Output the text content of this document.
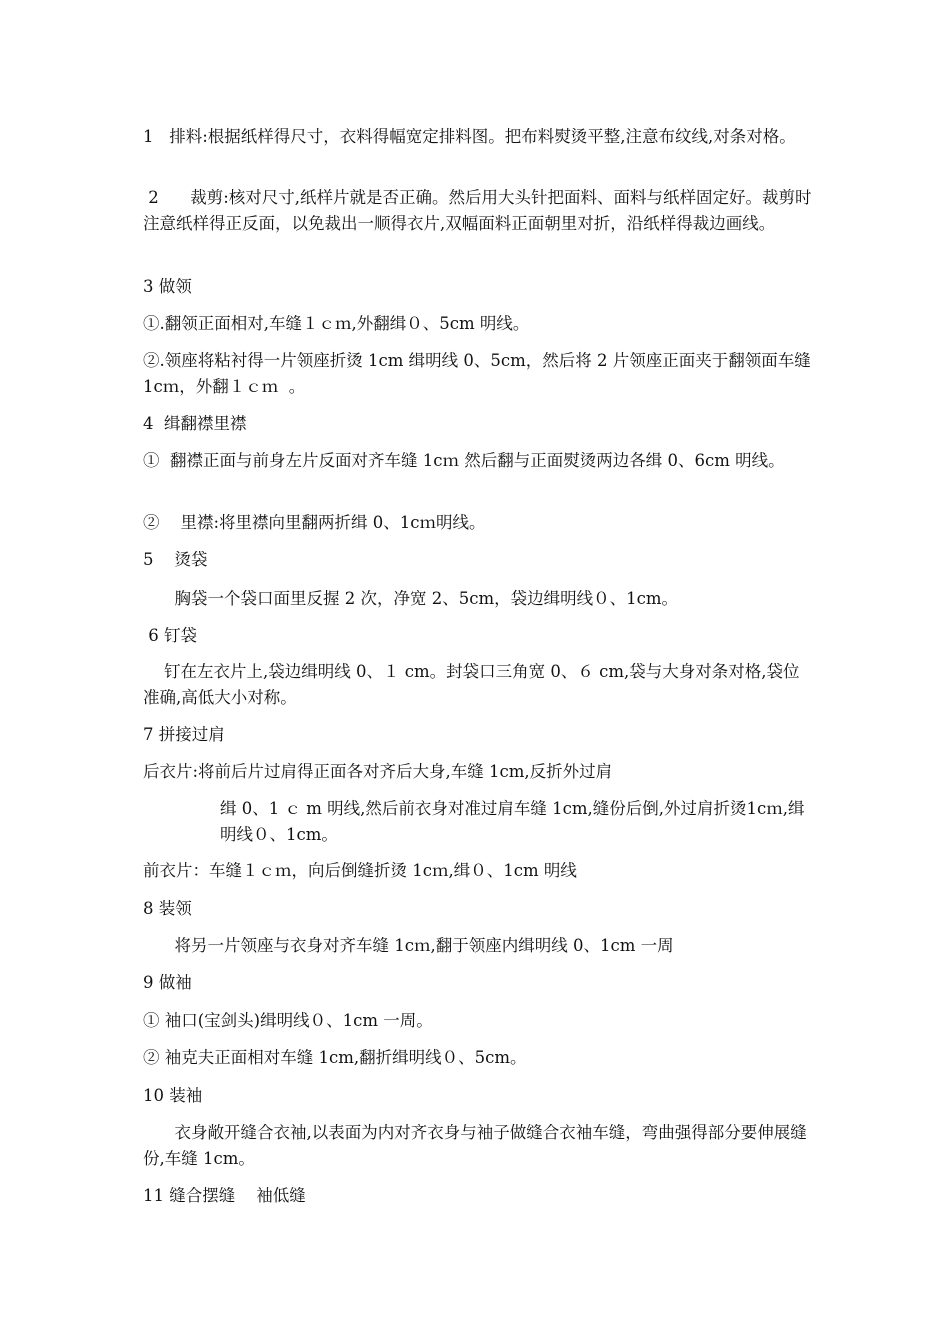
1   排料:根据纸样得尺寸，衣料得幅宽定排料图。把布料熨烫平整,注意布纹线,对条对格。

2      裁剪:核对尺寸,纸样片就是否正确。然后用大头针把面料、面料与纸样固定好。裁剪时注意纸样得正反面，以免裁出一顺得衣片,双幅面料正面朝里对折，沿纸样得裁边画线。

3 做领

①.翻领正面相对,车缝１ｃｍ,外翻缉０、5cm 明线。

②.领座将粘衬得一片领座折烫 1cm 缉明线 0、5cm，然后将 2 片领座正面夹于翻领面车缝 1cｍ，外翻１ｃｍ  。

4  缉翻襟里襟

①  翻襟正面与前身左片反面对齐车缝 1cｍ 然后翻与正面熨烫两边各缉 0、6cm 明线。

②    里襟:将里襟向里翻两折缉 0、1cｍ明线。

5    烫袋

胸袋一个袋口面里反握 2 次，净宽 2、5cm，袋边缉明线０、1cm。

6 钉袋

钉在左衣片上,袋边缉明线 0、１ cm。封袋口三角宽 0、６ cm,袋与大身对条对格,袋位准确,高低大小对称。

7 拼接过肩

后衣片:将前后片过肩得正面各对齐后大身,车缝 1cm,反折外过肩

缉 0、1 ｃ m 明线,然后前衣身对准过肩车缝 1cm,缝份后倒,外过肩折烫1cｍ,缉明线０、1cm。

前衣片：车缝１ｃｍ，向后倒缝折烫 1cｍ,缉０、1cm 明线

8 装领

将另一片领座与衣身对齐车缝 1cｍ,翻于领座内缉明线 0、1cm 一周

9 做袖

① 袖口(宝剑头)缉明线０、1cm 一周。

② 袖克夫正面相对车缝 1cm,翻折缉明线０、5cm。

10 装袖

衣身敞开缝合衣袖,以表面为内对齐衣身与袖子做缝合衣袖车缝，弯曲强得部分要伸展缝份,车缝 1cm。

11 缝合摆缝    袖低缝
